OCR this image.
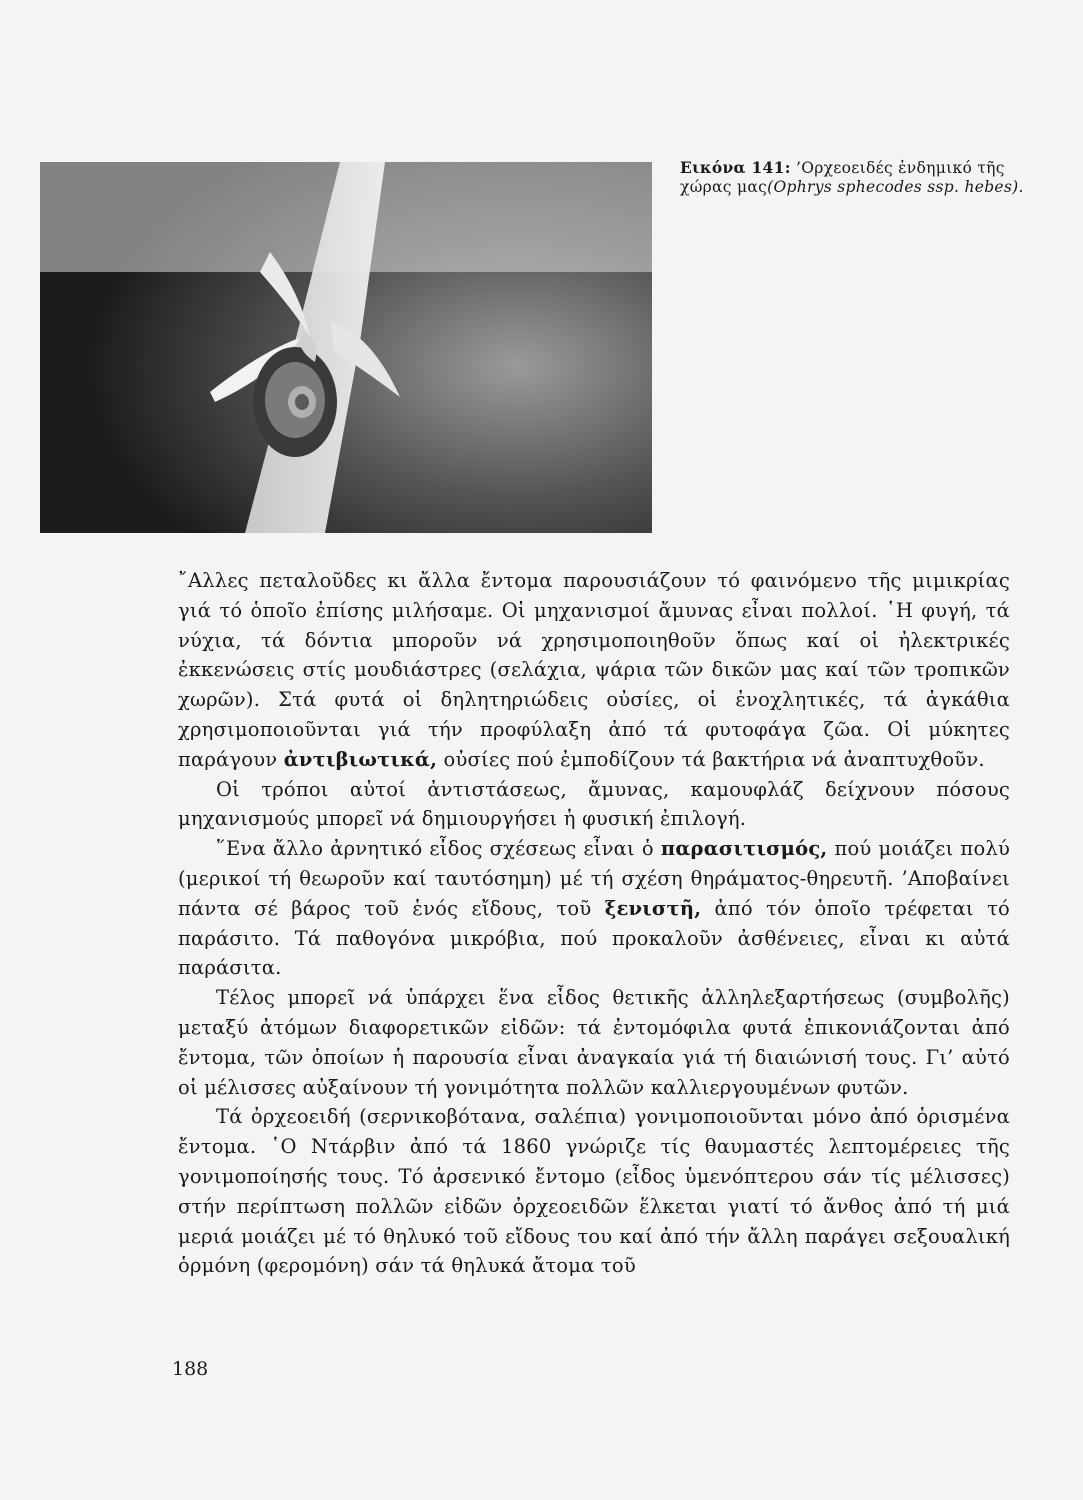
Εικόνα 141: ’Ορχεοειδές ἐνδημικό τῆς χώρας μας(Ophrys sphecodes ssp. hebes).

῎Αλλες πεταλοῦδες κι ἄλλα ἔντομα παρουσιάζουν τό φαινόμενο τῆς μιμικρίας γιά τό ὁποῖο ἐπίσης μιλήσαμε. Οἱ μηχανισμοί ἄμυνας εἶναι πολλοί. ῾Η φυγή, τά νύχια, τά δόντια μποροῦν νά χρησιμοποιηθοῦν ὅπως καί οἱ ἠλεκτρικές ἐκκενώσεις στίς μουδιάστρες (σελάχια, ψάρια τῶν δικῶν μας καί τῶν τροπικῶν χωρῶν). Στά φυτά οἱ δηλητηριώδεις οὐσίες, οἱ ἐνοχλητικές, τά ἀγκάθια χρησιμοποιοῦνται γιά τήν προφύλαξη ἀπό τά φυτοφάγα ζῶα. Οἱ μύκητες παράγουν ἀντιβιωτικά, οὐσίες πού ἐμποδίζουν τά βακτήρια νά ἀναπτυχθοῦν.

Οἱ τρόποι αὐτοί ἀντιστάσεως, ἄμυνας, καμουφλάζ δείχνουν πόσους μηχανισμούς μπορεῖ νά δημιουργήσει ἡ φυσική ἐπιλογή.

῞Ενα ἄλλο ἀρνητικό εἶδος σχέσεως εἶναι ὁ παρασιτισμός, πού μοιάζει πολύ (μερικοί τή θεωροῦν καί ταυτόσημη) μέ τή σχέση θηράματος-θηρευτῆ. ’Αποβαίνει πάντα σέ βάρος τοῦ ἑνός εἴδους, τοῦ ξενιστῆ, ἀπό τόν ὁποῖο τρέφεται τό παράσιτο. Τά παθογόνα μικρόβια, πού προκαλοῦν ἀσθένειες, εἶναι κι αὐτά παράσιτα.

Τέλος μπορεῖ νά ὑπάρχει ἕνα εἶδος θετικῆς ἀλληλεξαρτήσεως (συμβολῆς) μεταξύ ἀτόμων διαφορετικῶν εἰδῶν: τά ἐντομόφιλα φυτά ἐπικονιάζονται ἀπό ἔντομα, τῶν ὁποίων ἡ παρουσία εἶναι ἀναγκαία γιά τή διαιώνισή τους. Γι’ αὐτό οἱ μέλισσες αὐξαίνουν τή γονιμότητα πολλῶν καλλιεργουμένων φυτῶν.

Τά ὀρχεοειδή (σερνικοβότανα, σαλέπια) γονιμοποιοῦνται μόνο ἀπό ὁρισμένα ἔντομα. ῾Ο Ντάρβιν ἀπό τά 1860 γνώριζε τίς θαυμαστές λεπτομέρειες τῆς γονιμοποίησής τους. Τό ἀρσενικό ἔντομο (εἶδος ὑμενόπτερου σάν τίς μέλισσες) στήν περίπτωση πολλῶν εἰδῶν ὀρχεοειδῶν ἕλκεται γιατί τό ἄνθος ἀπό τή μιά μεριά μοιάζει μέ τό θηλυκό τοῦ εἴδους του καί ἀπό τήν ἄλλη παράγει σεξουαλική ὁρμόνη (φερομόνη) σάν τά θηλυκά ἄτομα τοῦ

188
